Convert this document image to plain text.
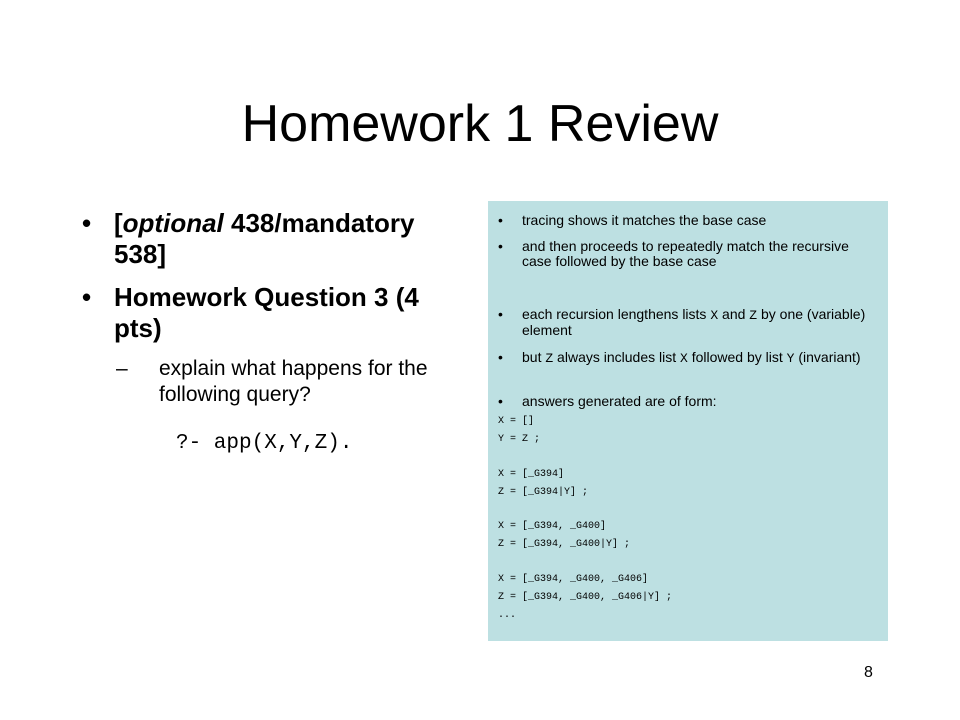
Homework 1 Review
• [optional 438/mandatory 538]
• Homework Question 3 (4 pts)
– explain what happens for the following query?
?- app(X,Y,Z).
• tracing shows it matches the base case
• and then proceeds to repeatedly match the recursive case followed by the base case
• each recursion lengthens lists X and Z by one (variable) element
• but Z always includes list X followed by list Y (invariant)
• answers generated are of form:
X = []
Y = Z ;
X = [_G394]
Z = [_G394|Y] ;
X = [_G394, _G400]
Z = [_G394, _G400|Y] ;
X = [_G394, _G400, _G406]
Z = [_G394, _G400, _G406|Y] ;
...
8
